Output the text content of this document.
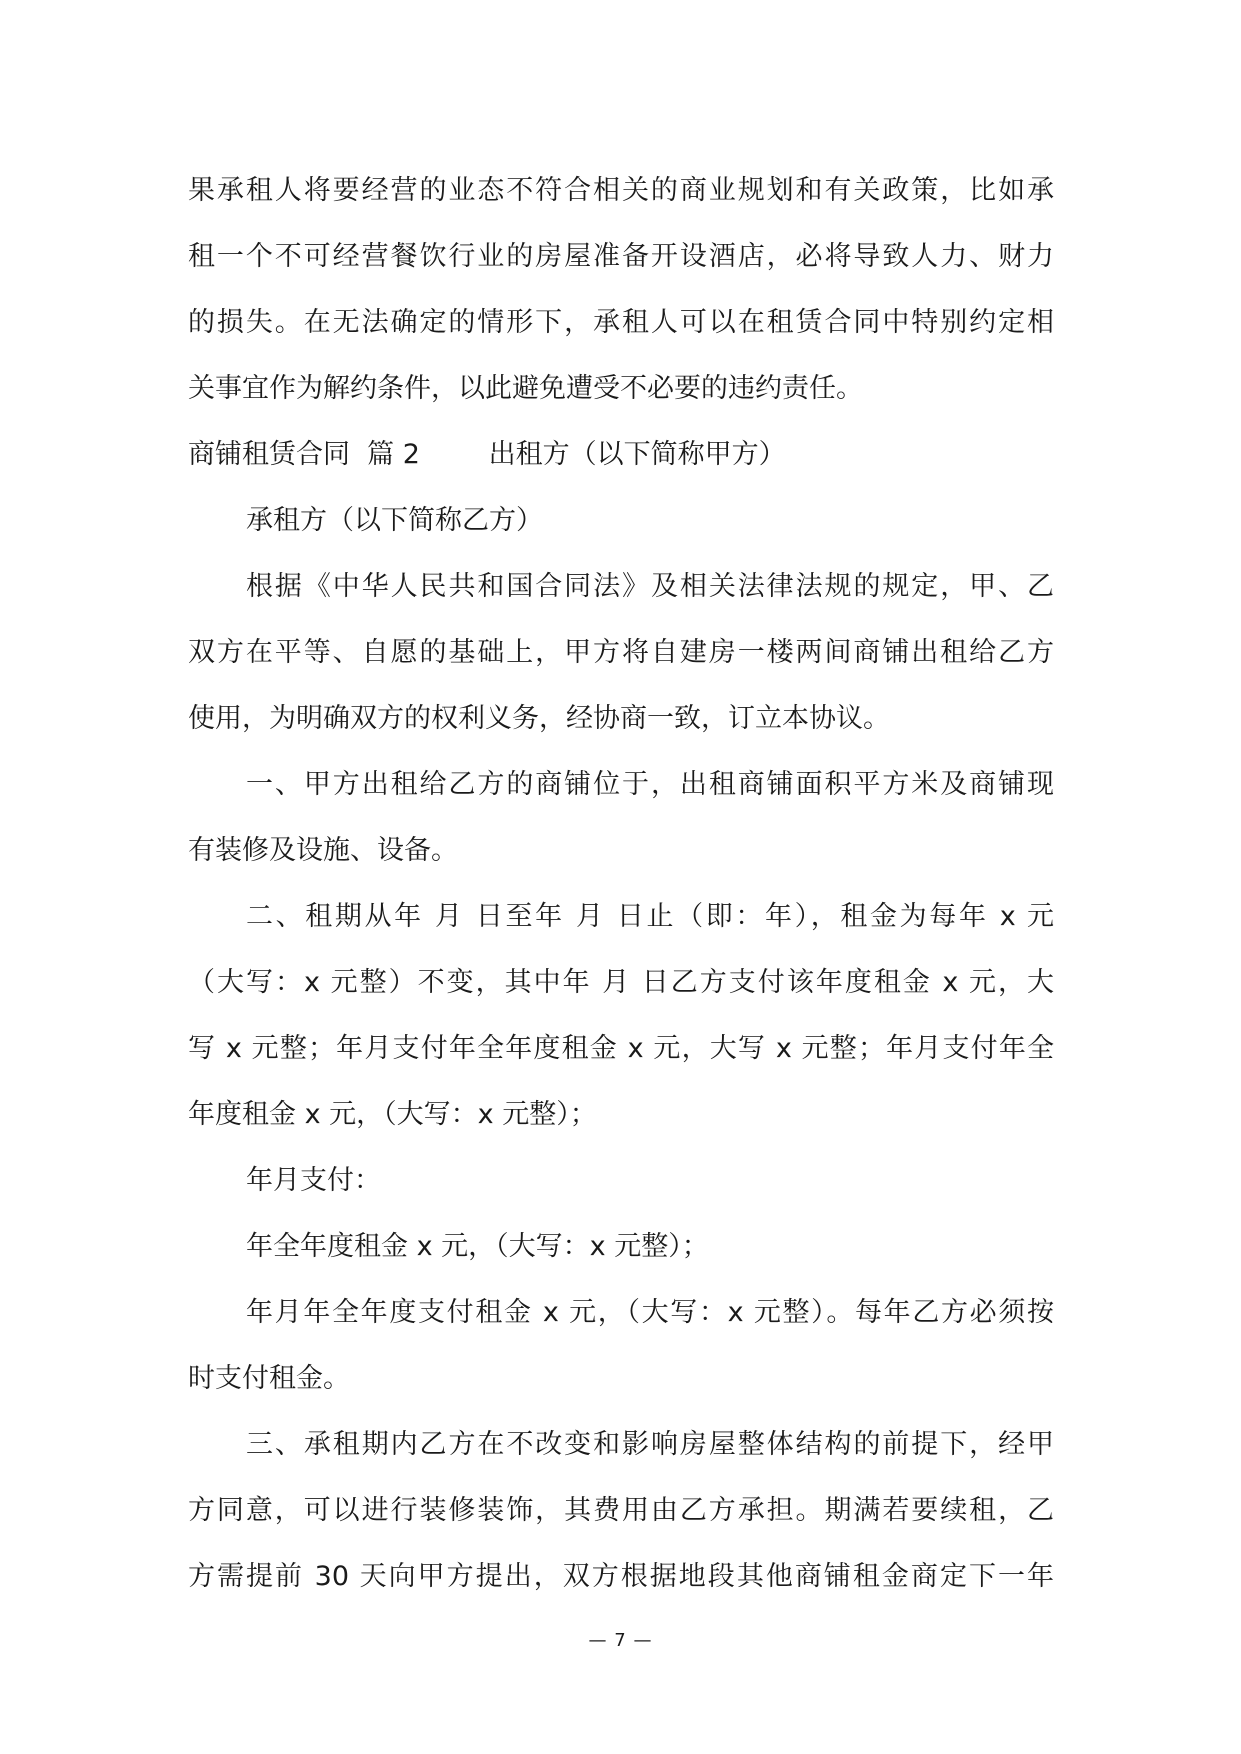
果承租人将要经营的业态不符合相关的商业规划和有关政策，比如承
租一个不可经营餐饮行业的房屋准备开设酒店，必将导致人力、财力
的损失。在无法确定的情形下，承租人可以在租赁合同中特别约定相
关事宜作为解约条件，以此避免遭受不必要的违约责任。
商铺租赁合同  篇 2        出租方（以下简称甲方）
承租方（以下简称乙方）
根据《中华人民共和国合同法》及相关法律法规的规定，甲、乙
双方在平等、自愿的基础上，甲方将自建房一楼两间商铺出租给乙方
使用，为明确双方的权利义务，经协商一致，订立本协议。
一、甲方出租给乙方的商铺位于，出租商铺面积平方米及商铺现
有装修及设施、设备。
二、租期从年 月 日至年 月 日止（即：年），租金为每年 x 元
（大写：x 元整）不变，其中年 月 日乙方支付该年度租金 x 元，大
写 x 元整；年月支付年全年度租金 x 元，大写 x 元整；年月支付年全
年度租金 x 元，（大写：x 元整）；
年月支付：
年全年度租金 x 元，（大写：x 元整）；
年月年全年度支付租金 x 元，（大写：x 元整）。每年乙方必须按
时支付租金。
三、承租期内乙方在不改变和影响房屋整体结构的前提下，经甲
方同意，可以进行装修装饰，其费用由乙方承担。期满若要续租，乙
方需提前 30 天向甲方提出，双方根据地段其他商铺租金商定下一年
— 7 —
